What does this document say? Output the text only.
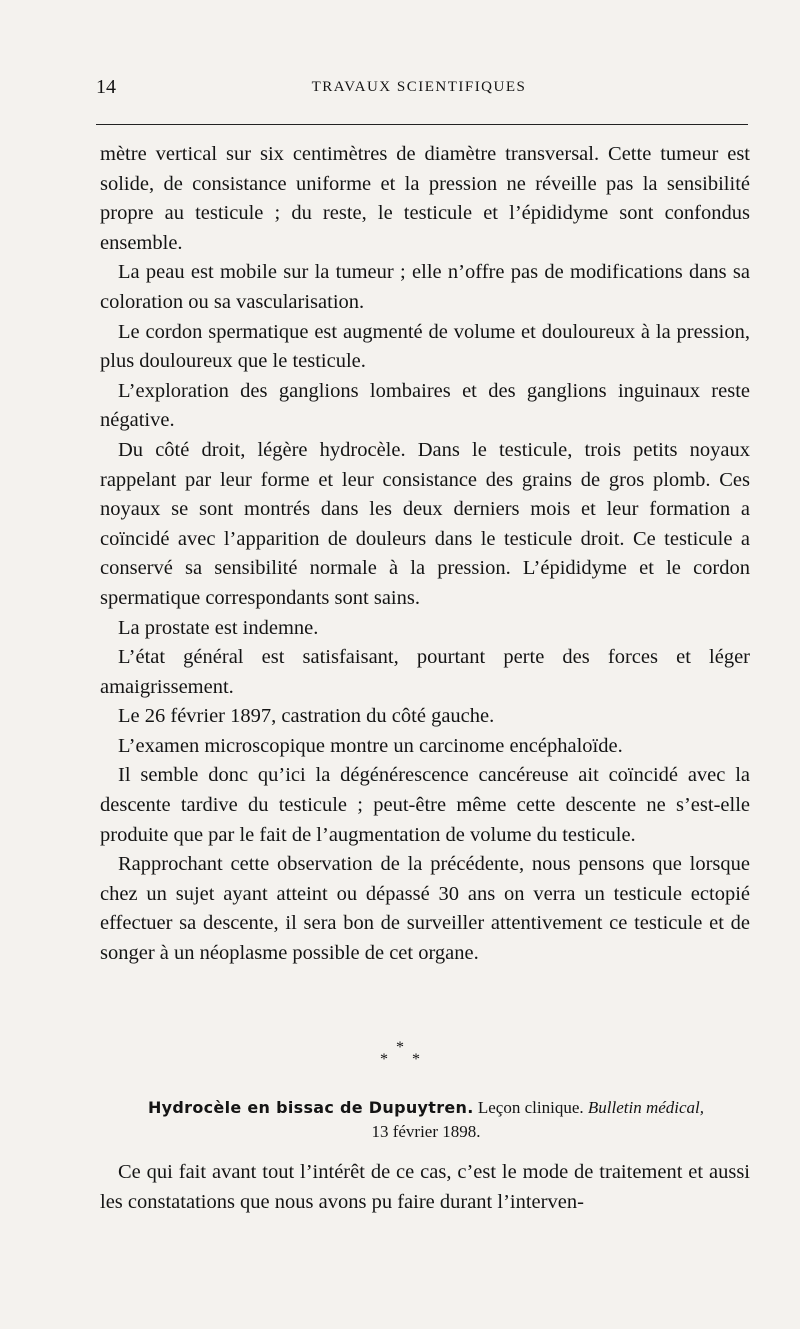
14	TRAVAUX SCIENTIFIQUES

mètre vertical sur six centimètres de diamètre transversal. Cette tumeur est solide, de consistance uniforme et la pression ne réveille pas la sensibilité propre au testicule ; du reste, le testicule et l’épididyme sont confondus ensemble.

La peau est mobile sur la tumeur ; elle n’offre pas de modifications dans sa coloration ou sa vascularisation.

Le cordon spermatique est augmenté de volume et douloureux à la pression, plus douloureux que le testicule.

L’exploration des ganglions lombaires et des ganglions inguinaux reste négative.

Du côté droit, légère hydrocèle. Dans le testicule, trois petits noyaux rappelant par leur forme et leur consistance des grains de gros plomb. Ces noyaux se sont montrés dans les deux derniers mois et leur formation a coïncidé avec l’apparition de douleurs dans le testicule droit. Ce testicule a conservé sa sensibilité normale à la pression. L’épididyme et le cordon spermatique correspondants sont sains.

La prostate est indemne.

L’état général est satisfaisant, pourtant perte des forces et léger amaigrissement.

Le 26 février 1897, castration du côté gauche.

L’examen microscopique montre un carcinome encéphaloïde.

Il semble donc qu’ici la dégénérescence cancéreuse ait coïncidé avec la descente tardive du testicule ; peut-être même cette descente ne s’est-elle produite que par le fait de l’augmentation de volume du testicule.

Rapprochant cette observation de la précédente, nous pensons que lorsque chez un sujet ayant atteint ou dépassé 30 ans on verra un testicule ectopié effectuer sa descente, il sera bon de surveiller attentivement ce testicule et de songer à un néoplasme possible de cet organe.

*
* *
Hydrocèle en bissac de Dupuytren. Leçon clinique. Bulletin médical,
13 février 1898.

Ce qui fait avant tout l’intérêt de ce cas, c’est le mode de traitement et aussi les constatations que nous avons pu faire durant l’interven-
